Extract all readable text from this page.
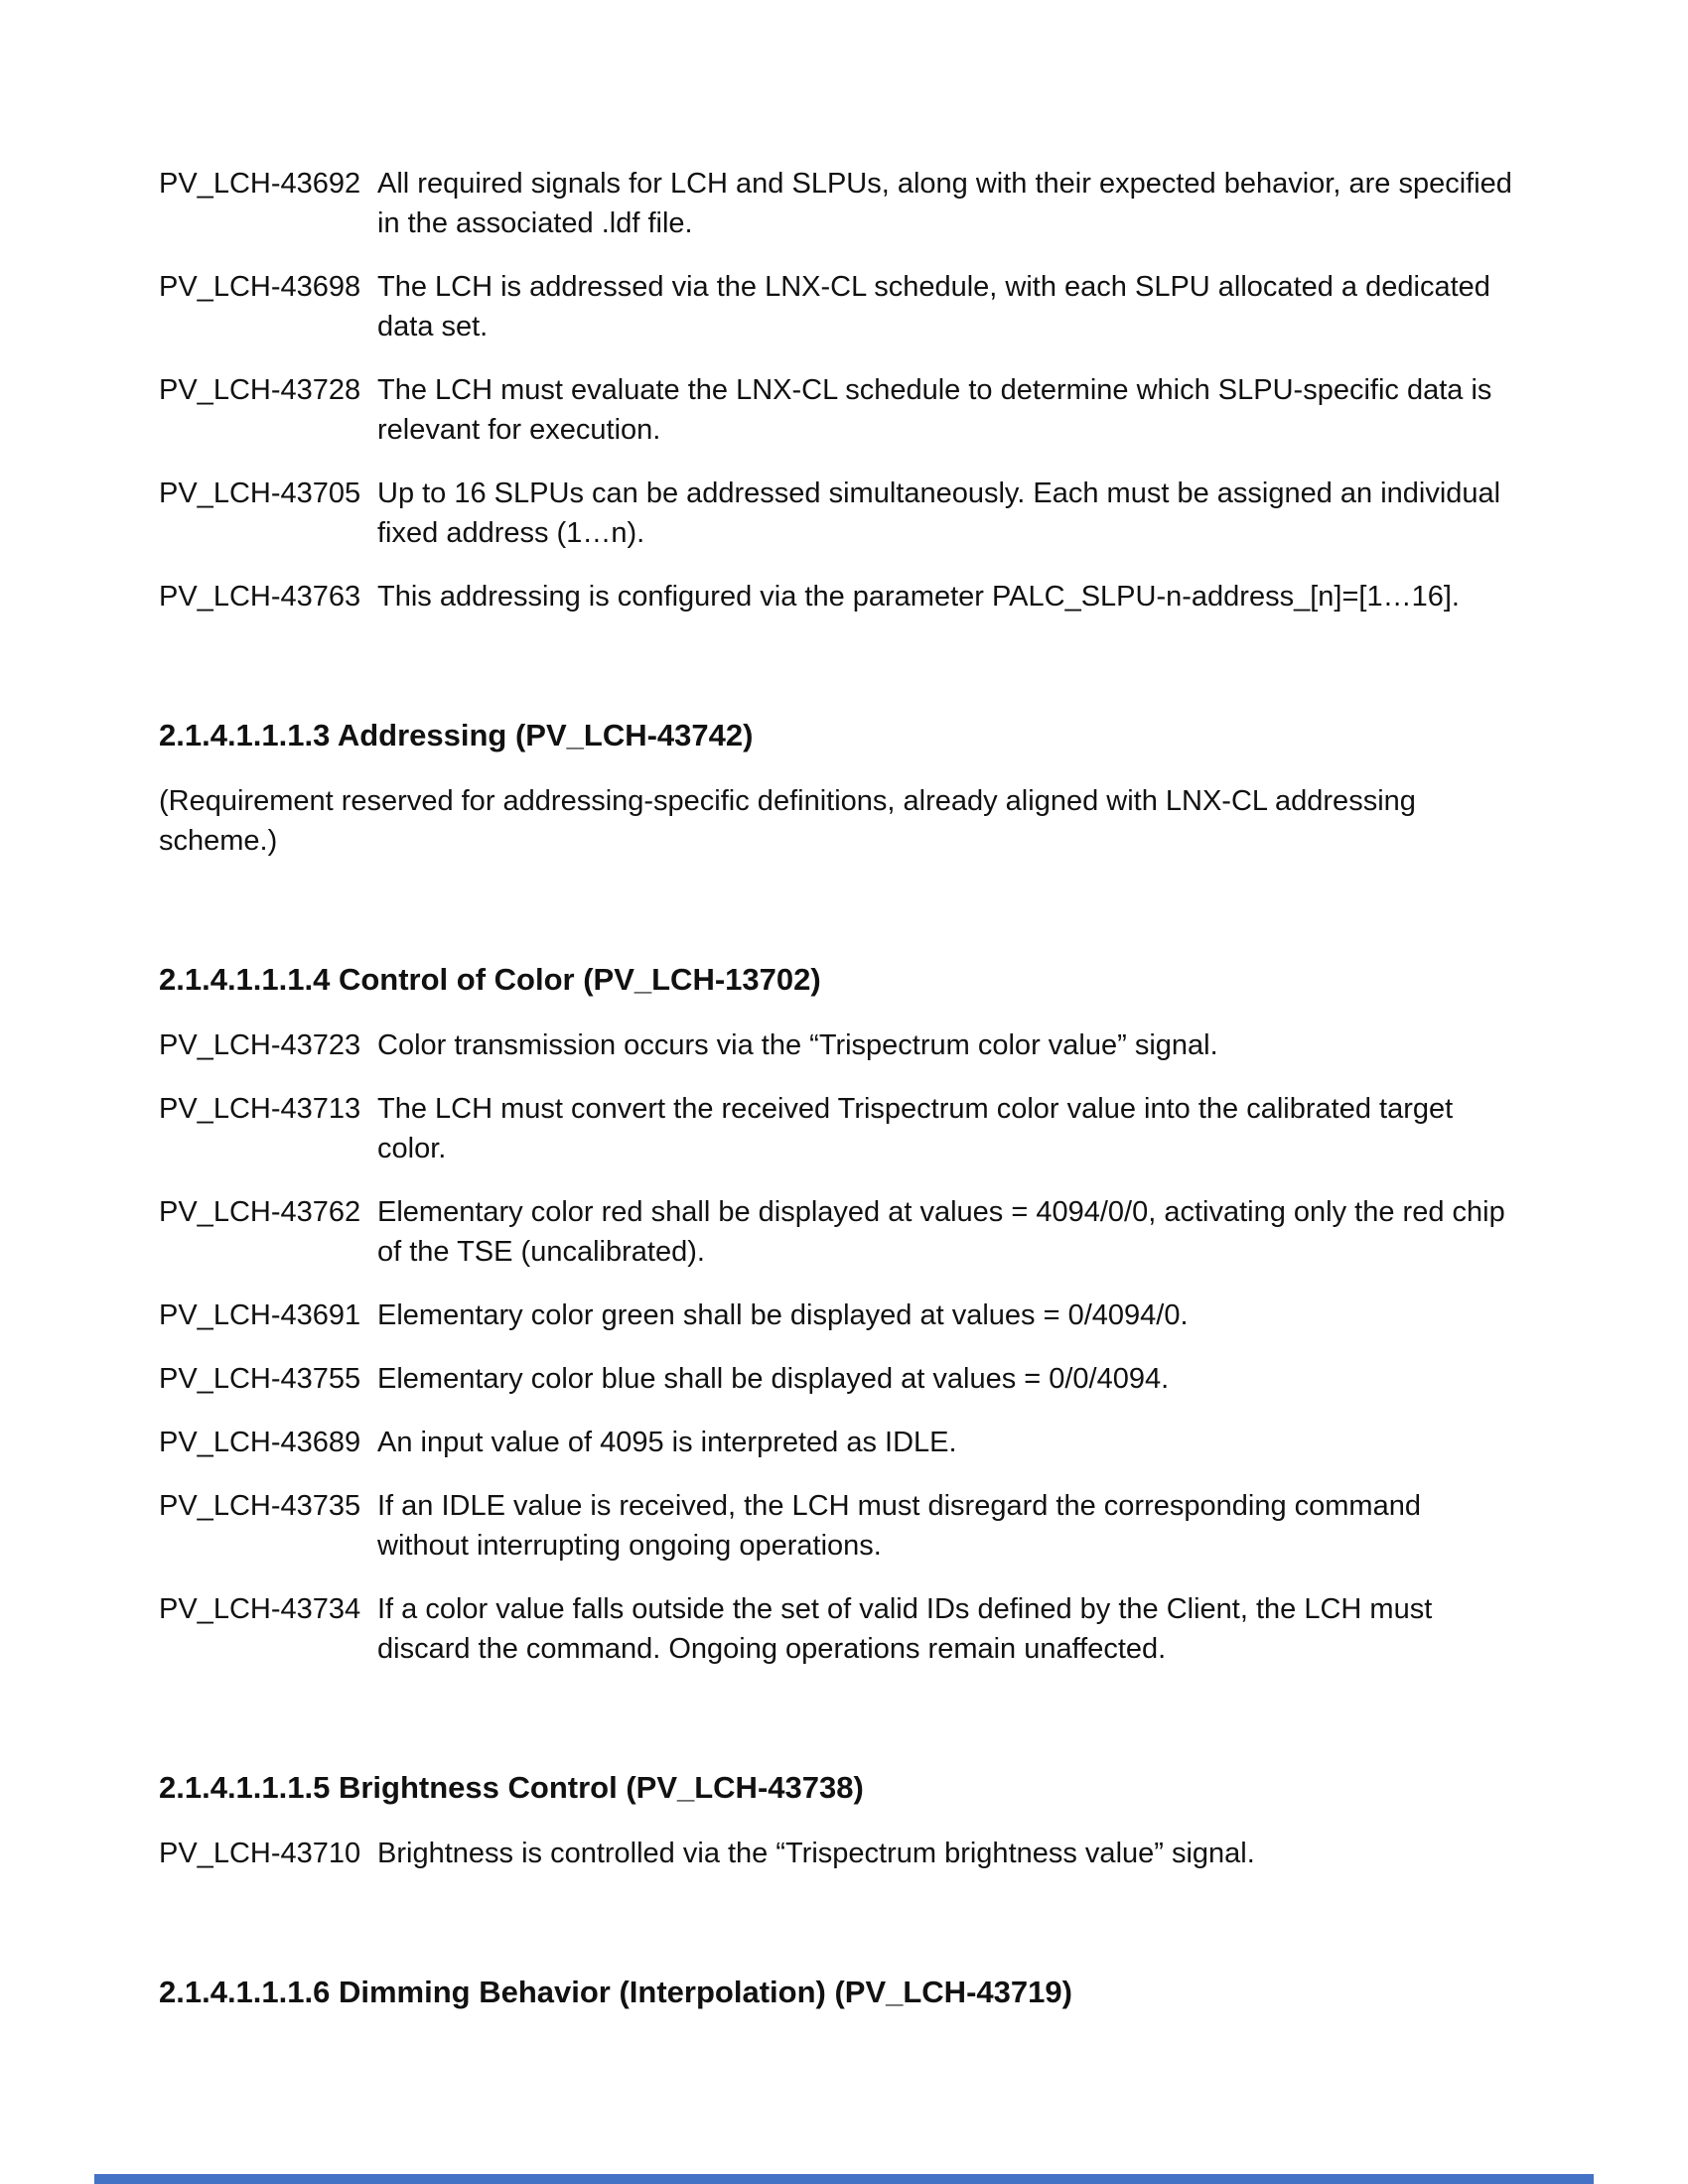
PV_LCH-43692 All required signals for LCH and SLPUs, along with their expected behavior, are specified in the associated .ldf file.
PV_LCH-43698 The LCH is addressed via the LNX-CL schedule, with each SLPU allocated a dedicated data set.
PV_LCH-43728 The LCH must evaluate the LNX-CL schedule to determine which SLPU-specific data is relevant for execution.
PV_LCH-43705 Up to 16 SLPUs can be addressed simultaneously. Each must be assigned an individual fixed address (1…n).
PV_LCH-43763 This addressing is configured via the parameter PALC_SLPU-n-address_[n]=[1…16].
2.1.4.1.1.1.3 Addressing (PV_LCH-43742)

(Requirement reserved for addressing-specific definitions, already aligned with LNX-CL addressing scheme.)

2.1.4.1.1.1.4 Control of Color (PV_LCH-13702)
PV_LCH-43723 Color transmission occurs via the “Trispectrum color value” signal.
PV_LCH-43713 The LCH must convert the received Trispectrum color value into the calibrated target color.
PV_LCH-43762 Elementary color red shall be displayed at values = 4094/0/0, activating only the red chip of the TSE (uncalibrated).
PV_LCH-43691 Elementary color green shall be displayed at values = 0/4094/0.
PV_LCH-43755 Elementary color blue shall be displayed at values = 0/0/4094.
PV_LCH-43689 An input value of 4095 is interpreted as IDLE.
PV_LCH-43735 If an IDLE value is received, the LCH must disregard the corresponding command without interrupting ongoing operations.
PV_LCH-43734 If a color value falls outside the set of valid IDs defined by the Client, the LCH must discard the command. Ongoing operations remain unaffected.
2.1.4.1.1.1.5 Brightness Control (PV_LCH-43738)
PV_LCH-43710 Brightness is controlled via the “Trispectrum brightness value” signal.
2.1.4.1.1.1.6 Dimming Behavior (Interpolation) (PV_LCH-43719)
